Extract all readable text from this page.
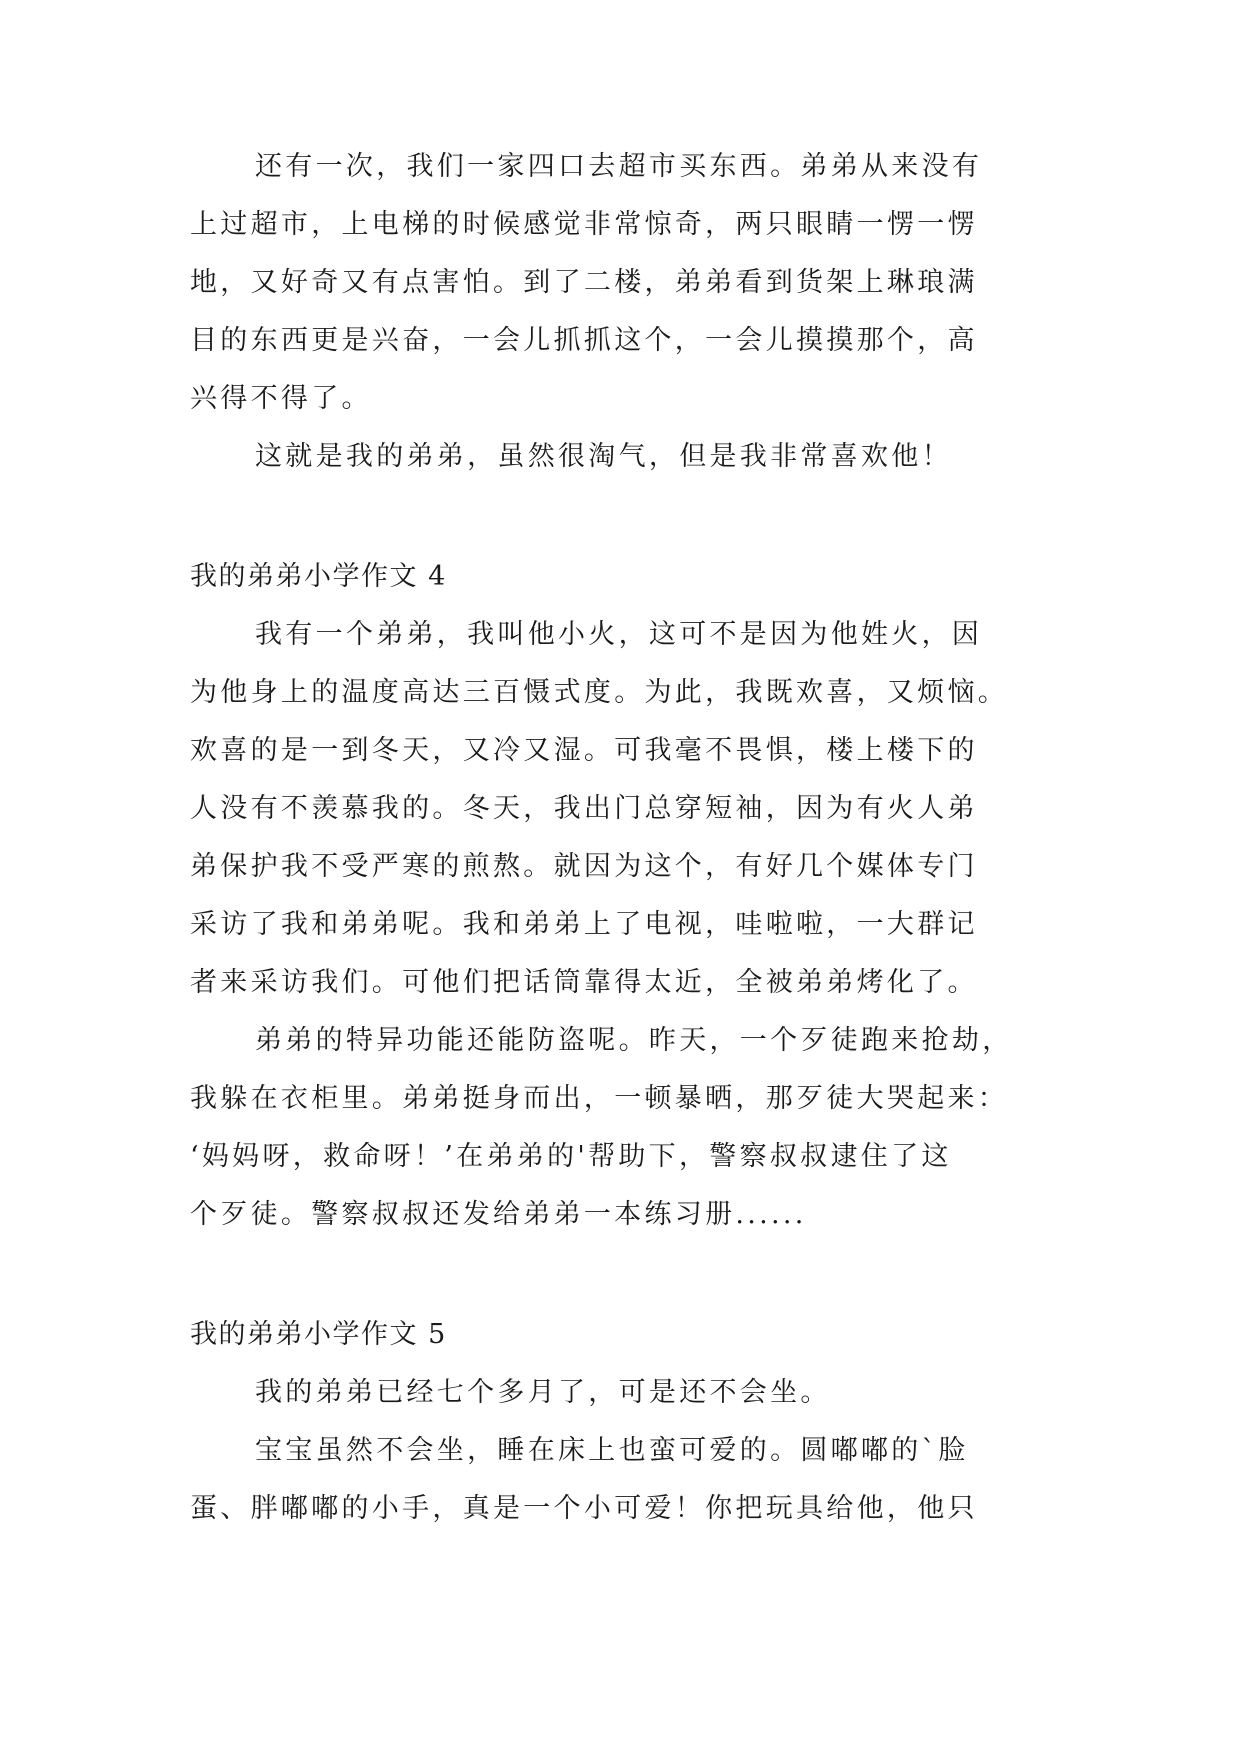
还有一次，我们一家四口去超市买东西。弟弟从来没有
上过超市，上电梯的时候感觉非常惊奇，两只眼睛一愣一愣
地，又好奇又有点害怕。到了二楼，弟弟看到货架上琳琅满
目的东西更是兴奋，一会儿抓抓这个，一会儿摸摸那个，高
兴得不得了。
这就是我的弟弟，虽然很淘气，但是我非常喜欢他！
我的弟弟小学作文 4
我有一个弟弟，我叫他小火，这可不是因为他姓火，因
为他身上的温度高达三百慑式度。为此，我既欢喜，又烦恼。
欢喜的是一到冬天，又冷又湿。可我毫不畏惧，楼上楼下的
人没有不羡慕我的。冬天，我出门总穿短袖，因为有火人弟
弟保护我不受严寒的煎熬。就因为这个，有好几个媒体专门
采访了我和弟弟呢。我和弟弟上了电视，哇啦啦，一大群记
者来采访我们。可他们把话筒靠得太近，全被弟弟烤化了。
弟弟的特异功能还能防盗呢。昨天，一个歹徒跑来抢劫，
我躲在衣柜里。弟弟挺身而出，一顿暴晒，那歹徒大哭起来：
‘妈妈呀，救命呀！’在弟弟的'帮助下，警察叔叔逮住了这
个歹徒。警察叔叔还发给弟弟一本练习册......
我的弟弟小学作文 5
我的弟弟已经七个多月了，可是还不会坐。
宝宝虽然不会坐，睡在床上也蛮可爱的。圆嘟嘟的`脸
蛋、胖嘟嘟的小手，真是一个小可爱！你把玩具给他，他只
